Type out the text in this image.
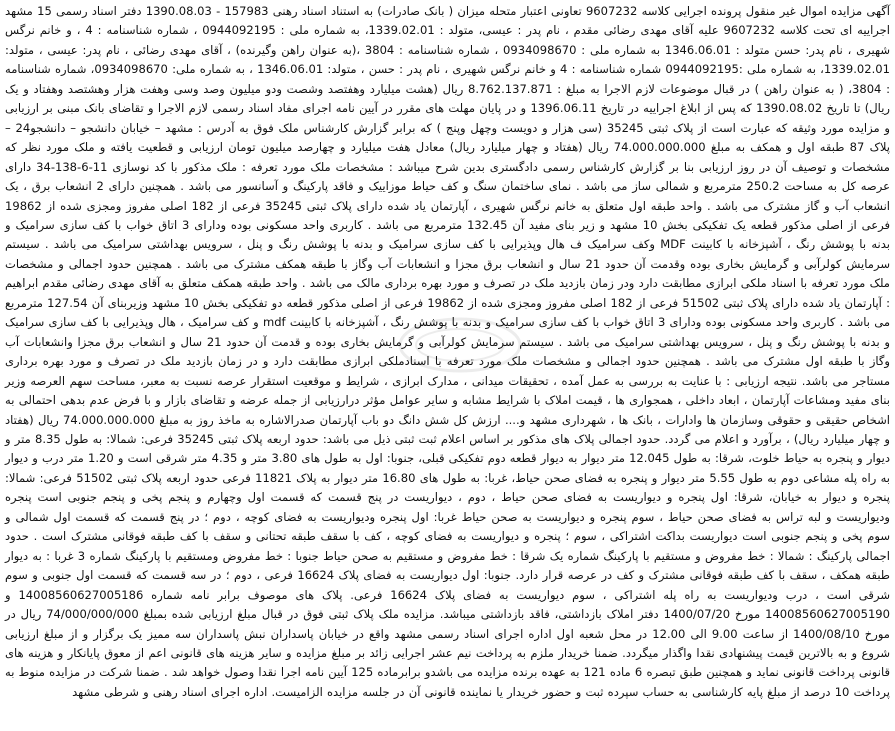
آگهی مزایده اموال غیر منقول پرونده اجرایی کلاسه 9607232 تعاونی اعتبار متحله میزان ( بانک صادرات) به استناد اسناد رهنی 157983 - 1390.08.03 دفتر اسناد رسمی 15 مشهد اجراییه ای تحت کلاسه 9607232 علیه آقای مهدی رضائی مقدم ، نام پدر : عیسی، متولد : 1339.02.01، به شماره ملی : 0944092195 ، شماره شناسنامه : 4 ، و خانم نرگس شهیری ، نام پدر: حسن متولد : 1346.06.01 به شماره ملی : 0934098670 ، شماره شناسنامه : 3804 ،(به عنوان راهن وگیرنده) ، آقای مهدی رضائی ، نام پدر: عیسی ، متولد: 1339.02.01، به شماره ملی :0944092195 شماره شناسنامه : 4 و خانم نرگس شهیری ، نام پدر : حسن ، متولد: 1346.06.01 ، به شماره ملی: 0934098670، شماره شناسنامه : 3804، ( به عنوان راهن ) در قبال موضوعات لازم الاجرا به مبلغ : 8.762.137.871 ریال (هشت میلیارد وهفتصد وشصت ودو میلیون وصد وسی وهفت هزار وهشتصد وهفتاد و یک ریال) تا تاریخ 1390.08.02 که پس از ابلاغ اجراییه در تاریخ 1396.06.11 و در پایان مهلت های مقرر در آیین نامه اجرای مفاد اسناد رسمی لازم الاجرا و تقاضای بانک مبنی بر ارزیابی و مزایده مورد وثیقه که عبارت است از پلاک ثبتی 35245 (سی هزار و دویست وچهل وپنج ) که برابر گزارش کارشناس ملک فوق به آدرس : مشهد – خیابان دانشجو – دانشجو24 – پلاک 87 طبقه اول و همکف به مبلغ 74.000.000.000 ریال (هفتاد و چهار میلیارد ریال) معادل هفت میلیارد و چهارصد میلیون تومان ارزیابی و قطعیت یافته و ملک مورد نظر که مشخصات و توصیف آن در روز ارزیابی بنا بر گزارش کارشناس رسمی دادگستری بدین شرح میباشد : مشخصات ملک مورد تعرفه : ملک مذکور با کد نوسازی 11-6-138-34 دارای عرصه کل به مساحت 250.2 مترمربع و شمالی ساز می باشد . نمای ساختمان سنگ و کف حیاط موزاییک و فاقد پارکینگ و آسانسور می باشد . همچنین دارای 2 انشعاب برق ، یک انشعاب آب و گاز مشترک می باشد . واحد طبقه اول متعلق به خانم نرگس شهیری ، آپارتمان یاد شده دارای پلاک ثبتی 35245 فرعی از 182 اصلی مفروز ومجزی شده از 19862 فرعی از اصلی مذکور قطعه یک تفکیکی بخش 10 مشهد و زیر بنای مفید آن 132.45 مترمربع می باشد . کاربری واحد مسکونی بوده ودارای 3 اتاق خواب با کف سازی سرامیک و بدنه با پوشش رنگ ، آشپزخانه با کابینت MDF وکف سرامیک ف هال وپذیرایی با کف سازی سرامیک و بدنه با پوشش رنگ و پنل ، سرویس بهداشتی سرامیک می باشد . سیستم سرمایش کولرآبی و گرمایش بخاری بوده وقدمت آن حدود 21 سال و انشعاب برق مجزا و انشعابات آب وگاز با طبقه همکف مشترک می باشد . همچنین حدود اجمالی و مشخصات ملک مورد تعرفه با اسناد ملکی ابرازی مطابقت دارد ودر زمان بازدید ملک در تصرف و مورد بهره برداری مالک می باشد . واحد طبقه همکف متعلق به آقای مهدی رضائی مقدم ابراهیم : آپارتمان یاد شده دارای پلاک ثبتی 51502 فرعی از 182 اصلی مفروز ومجزی شده از 19862 فرعی از اصلی مذکور قطعه دو تفکیکی بخش 10 مشهد وزیربنای آن 127.54 مترمربع می باشد . کاربری واحد مسکونی بوده ودارای 3 اتاق خواب با کف سازی سرامیک و بدنه با پوشش رنگ ، آشپزخانه با کابینت mdf و کف سرامیک ، هال وپذیرایی با کف سازی سرامیک و بدنه با پوشش رنگ و پنل ، سرویس بهداشتی سرامیک می باشد . سیستم سرمایش کولرآبی و گرمایش بخاری بوده و قدمت آن حدود 21 سال و انشعاب برق مجزا وانشعابات آب وگاز با طبقه اول مشترک می باشد . همچنین حدود اجمالی و مشخصات ملک مورد تعرفه با اسنادملکی ابرازی مطابقت دارد و در زمان بازدید ملک در تصرف و مورد بهره برداری مستاجر می باشد. نتیجه ارزیابی : با عنایت به بررسی به عمل آمده ، تحقیقات میدانی ، مدارک ابرازی ، شرایط و موقعیت استقرار عرصه نسبت به معبر، مساحت سهم العرصه وزیر بنای مفید ومشاعات آپارتمان ، ابعاد داخلی ، همجواری ها ، قیمت املاک با شرایط مشابه و سایر عوامل مؤثر درارزیابی از جمله عرضه و تقاضای بازار و با فرض عدم بدهی احتمالی به اشخاص حقیقی و حقوقی وسازمان ها وادارات ، بانک ها ، شهرداری مشهد و.... ارزش کل شش دانگ دو باب آپارتمان صدرالاشاره به ماخذ روز به مبلغ 74.000.000.000 ریال (هفتاد و چهار میلیارد ریال) ، برآورد و اعلام می گردد. حدود اجمالی پلاک های مذکور بر اساس اعلام ثبت ثبتی ذیل می باشد: حدود اربعه پلاک ثبتی 35245 فرعی: شمالا: به طول 8.35 متر و دیوار و پنجره به حیاط خلوت، شرقا: به طول 12.045 متر دیوار به دیوار قطعه دوم تفکیکی قبلی، جنوبا: اول به طول های 3.80 متر و 4.35 متر شرقی است و 1.20 متر درب و دیوار به راه پله مشاعی دوم به طول 5.55 متر دیوار و پنجره به فضای صحن حیاط، غربا: به طول های 16.80 متر دیوار به پلاک 11821 فرعی حدود اربعه پلاک ثبتی 51502 فرعی: شمالا: پنجره و دیوار به خیابان، شرقا: اول پنجره و دیواریست به فضای صحن حیاط ، دوم ، دیواریست در پنج قسمت که قسمت اول وچهارم و پنجم پخی و پنجم جنوبی است پنجره ودیواریست و لبه تراس به فضای صحن حیاط ، سوم پنجره و دیواریست به صحن حیاط غربا: اول پنجره ودیواریست به فضای کوچه ، دوم ؛ در پنج قسمت که قسمت اول شمالی و سوم پخی و پنجم جنوبی است دیواریست بداکت اشتراکی ، سوم ؛ پنجره و دیواریست به فضای کوچه ، کف با سقف طبقه تحتانی و سقف با کف طبقه فوقانی مشترک است . حدود اجمالی پارکینگ : شمالا : خط مفروض و مستقیم با پارکینگ شماره یک شرقا : خط مفروض و مستقیم به صحن حیاط جنوبا : خط مفروض ومستقیم با پارکینگ شماره 3 غربا : به دیوار طبقه همکف ، سقف با کف طبقه فوقانی مشترک و کف در عرصه قرار دارد. جنوبا: اول دیواریست به فضای پلاک 16624 فرعی ، دوم ؛ در سه قسمت که قسمت اول جنوبی و سوم شرقی است ، درب ودیواریست به راه پله اشتراکی ، سوم دیواریست به فضای پلاک 16624 فرعی. پلاک های موصوف برابر نامه شماره 14008560627005186 و 14008560627005190 مورخ 1400/07/20 دفتر املاک بازداشتی، فاقد بازداشتی میباشد. مزایده ملک پلاک ثبتی فوق در قبال مبلغ ارزیابی شده بمبلغ 74/000/000/000 ریال در مورخ 1400/08/10 از ساعت 9.00 الی 12.00 در محل شعبه اول اداره اجرای اسناد رسمی مشهد واقع در خیابان پاسداران نبش پاسداران سه ممیز یک برگزار و از مبلغ ارزیابی شروع و به بالاترین قیمت پیشنهادی نقدا واگذار میگردد. ضمنا خریدار ملزم به پرداخت نیم عشر اجرایی زائد بر مبلغ مزایده و سایر هزینه های قانونی اعم از معوق پایانکار و هزینه های قانونی پرداخت قانونی نماید و همچنین طبق تبصره 6 ماده 121 به عهده برنده مزایده می باشدو برابرماده 125 آیین نامه اجرا نقدا وصول خواهد شد . ضمنا شرکت در مزایده منوط به پرداخت 10 درصد از مبلغ پایه کارشناسی به حساب سپرده ثبت و حضور خریدار یا نماینده قانونی آن در جلسه مزایده الزامیست. اداره اجرای اسناد رهنی و شرطی مشهد
